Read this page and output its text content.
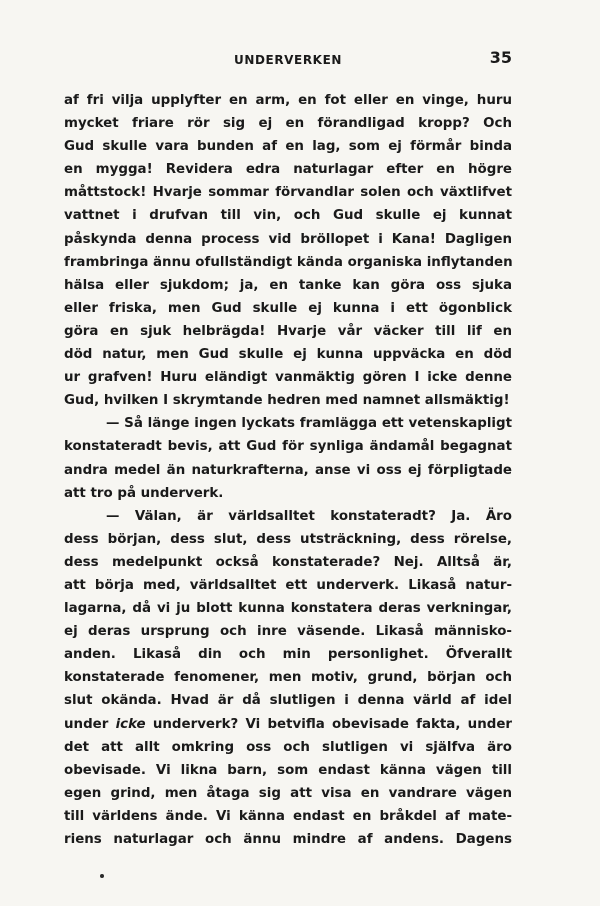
UNDERVERKEN	35
af fri vilja upplyfter en arm, en fot eller en vinge, huru
mycket friare rör sig ej en förandligad kropp? Och
Gud skulle vara bunden af en lag, som ej förmår binda
en mygga! Revidera edra naturlagar efter en högre
måttstock! Hvarje sommar förvandlar solen och växtlifvet
vattnet i drufvan till vin, och Gud skulle ej kunnat
påskynda denna process vid bröllopet i Kana! Dagligen
frambringa ännu ofullständigt kända organiska inflytanden
hälsa eller sjukdom; ja, en tanke kan göra oss sjuka
eller friska, men Gud skulle ej kunna i ett ögonblick
göra en sjuk helbrägda! Hvarje vår väcker till lif en
död natur, men Gud skulle ej kunna uppväcka en död
ur grafven! Huru eländigt vanmäktig gören I icke denne
Gud, hvilken I skrymtande hedren med namnet allsmäktig!
— Så länge ingen lyckats framlägga ett vetenskapligt
konstateradt bevis, att Gud för synliga ändamål begagnat
andra medel än naturkrafterna, anse vi oss ej förpligtade
att tro på underverk.
— Välan, är världsalltet konstateradt? Ja. Äro
dess början, dess slut, dess utsträckning, dess rörelse,
dess medelpunkt också konstaterade? Nej. Alltså är,
att börja med, världsalltet ett underverk. Likaså natur-
lagarna, då vi ju blott kunna konstatera deras verkningar,
ej deras ursprung och inre väsende. Likaså människo-
anden. Likaså din och min personlighet. Öfverallt
konstaterade fenomener, men motiv, grund, början och
slut okända. Hvad är då slutligen i denna värld af idel
under icke underverk? Vi betvifla obevisade fakta, under
det att allt omkring oss och slutligen vi själfva äro
obevisade. Vi likna barn, som endast känna vägen till
egen grind, men åtaga sig att visa en vandrare vägen
till världens ände. Vi känna endast en bråkdel af mate-
riens naturlagar och ännu mindre af andens. Dagens
